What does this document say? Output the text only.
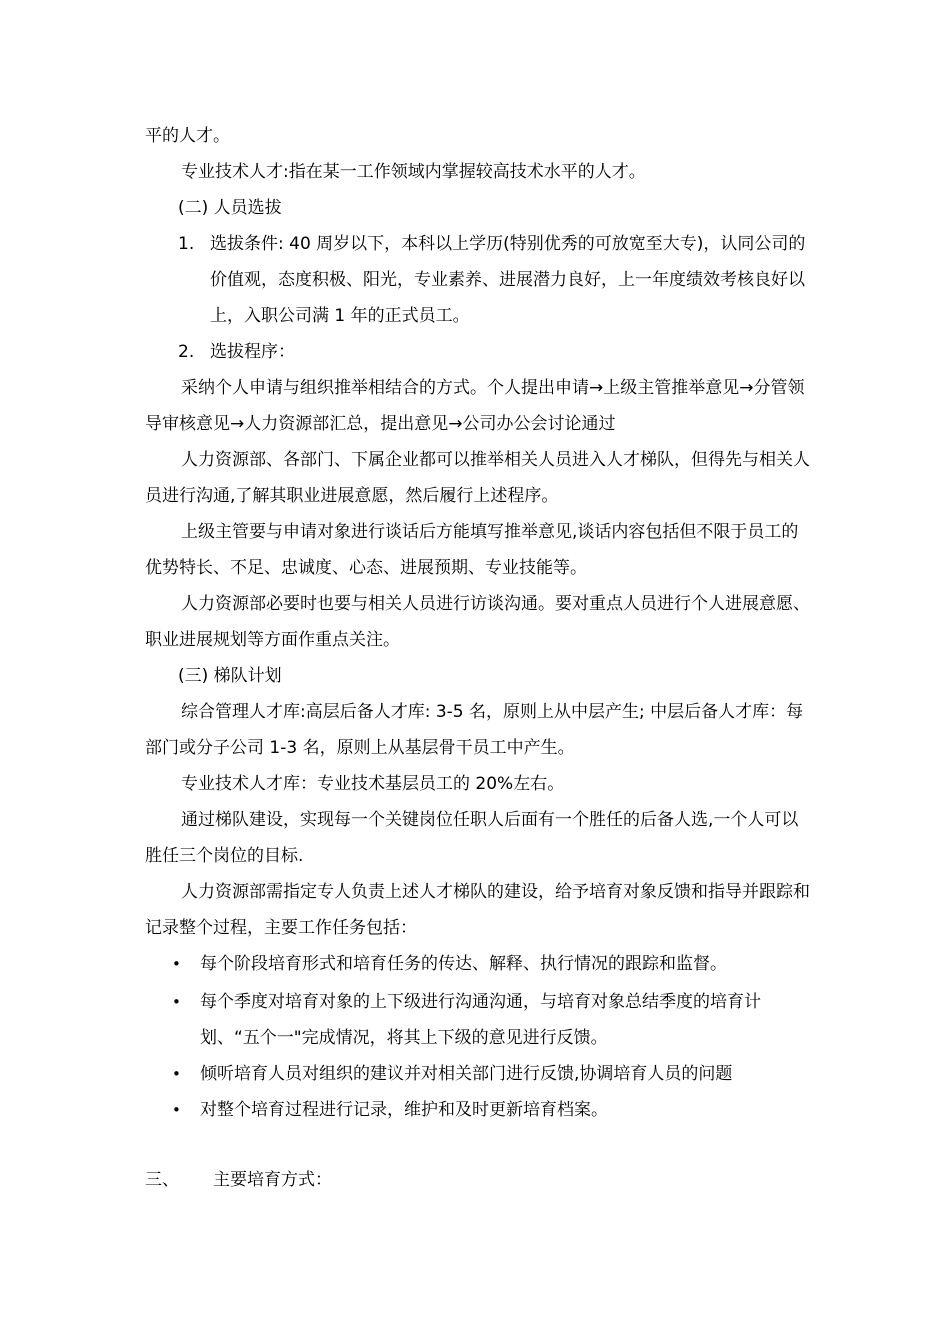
平的人才。

专业技术人才:指在某一工作领域内掌握较高技术水平的人才。

(二) 人员选拔

1. 选拔条件: 40 周岁以下，本科以上学历(特别优秀的可放宽至大专)，认同公司的价值观，态度积极、阳光，专业素养、进展潜力良好，上一年度绩效考核良好以上，入职公司满 1 年的正式员工。

2. 选拔程序：

采纳个人申请与组织推举相结合的方式。个人提出申请→上级主管推举意见→分管领导审核意见→人力资源部汇总，提出意见→公司办公会讨论通过

人力资源部、各部门、下属企业都可以推举相关人员进入人才梯队，但得先与相关人员进行沟通,了解其职业进展意愿，然后履行上述程序。

上级主管要与申请对象进行谈话后方能填写推举意见,谈话内容包括但不限于员工的优势特长、不足、忠诚度、心态、进展预期、专业技能等。

人力资源部必要时也要与相关人员进行访谈沟通。要对重点人员进行个人进展意愿、职业进展规划等方面作重点关注。

(三) 梯队计划

综合管理人才库:高层后备人才库: 3-5 名，原则上从中层产生; 中层后备人才库：每部门或分子公司 1-3 名，原则上从基层骨干员工中产生。

专业技术人才库：专业技术基层员工的 20%左右。

通过梯队建设，实现每一个关键岗位任职人后面有一个胜任的后备人选,一个人可以胜任三个岗位的目标.

人力资源部需指定专人负责上述人才梯队的建设，给予培育对象反馈和指导并跟踪和记录整个过程，主要工作任务包括：

• 每个阶段培育形式和培育任务的传达、解释、执行情况的跟踪和监督。

• 每个季度对培育对象的上下级进行沟通沟通，与培育对象总结季度的培育计划、“五个一"完成情况，将其上下级的意见进行反馈。

• 倾听培育人员对组织的建议并对相关部门进行反馈,协调培育人员的问题

• 对整个培育过程进行记录，维护和及时更新培育档案。

三、 主要培育方式：
